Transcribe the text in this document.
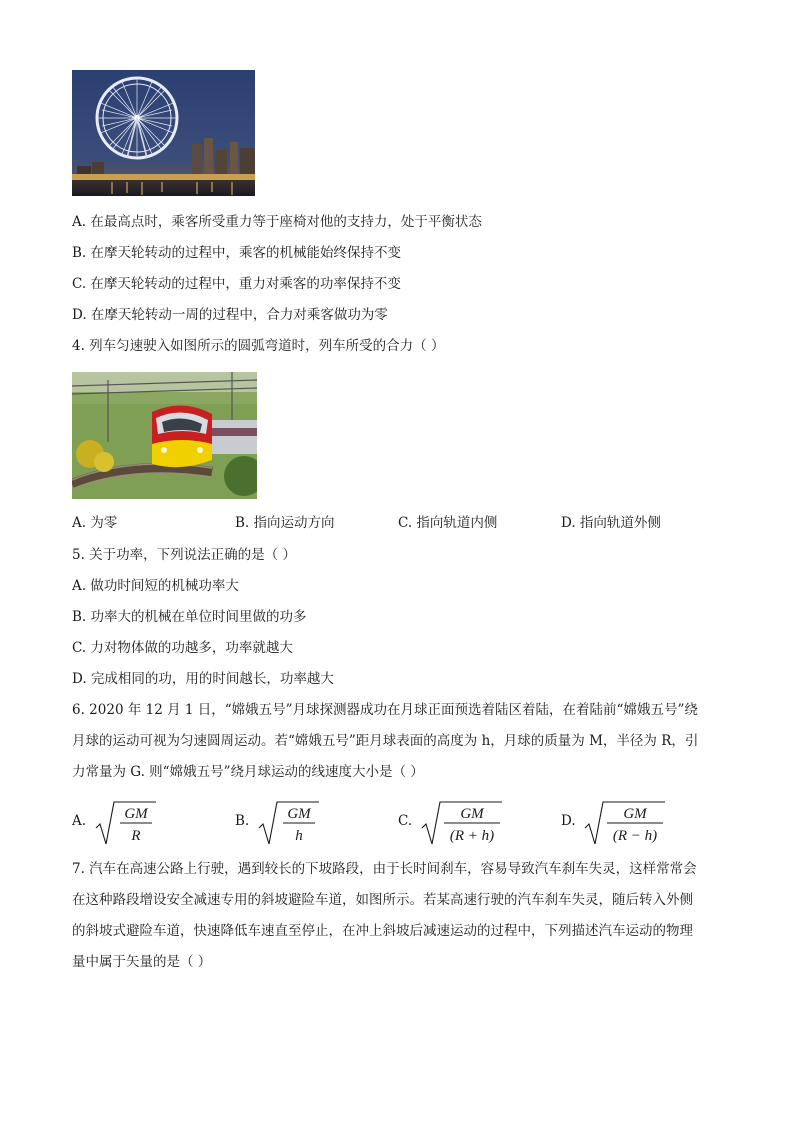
A. 在最高点时，乘客所受重力等于座椅对他的支持力，处于平衡状态
B. 在摩天轮转动的过程中，乘客的机械能始终保持不变
C. 在摩天轮转动的过程中，重力对乘客的功率保持不变
D. 在摩天轮转动一周的过程中，合力对乘客做功为零
4. 列车匀速驶入如图所示的圆弧弯道时，列车所受的合力（ ）
A. 为零	B. 指向运动方向	C. 指向轨道内侧	D. 指向轨道外侧
5. 关于功率，下列说法正确的是（ ）
A. 做功时间短的机械功率大
B. 功率大的机械在单位时间里做的功多
C. 力对物体做的功越多，功率就越大
D. 完成相同的功，用的时间越长，功率越大
6. 2020 年 12 月 1 日，“嫦娥五号”月球探测器成功在月球正面预选着陆区着陆，在着陆前“嫦娥五号”绕
月球的运动可视为匀速圆周运动。若“嫦娥五号”距月球表面的高度为 h，月球的质量为 M，半径为 R，引
力常量为 G. 则“嫦娥五号”绕月球运动的线速度大小是（ ）
A.	GM
R
B.	GM
h
C.	GM
(R + h)
D.	GM
(R − h)
7. 汽车在高速公路上行驶，遇到较长的下坡路段，由于长时间刹车，容易导致汽车刹车失灵，这样常常会
在这种路段增设安全减速专用的斜坡避险车道，如图所示。若某高速行驶的汽车刹车失灵，随后转入外侧
的斜坡式避险车道，快速降低车速直至停止，在冲上斜坡后减速运动的过程中，下列描述汽车运动的物理
量中属于矢量的是（ ）
